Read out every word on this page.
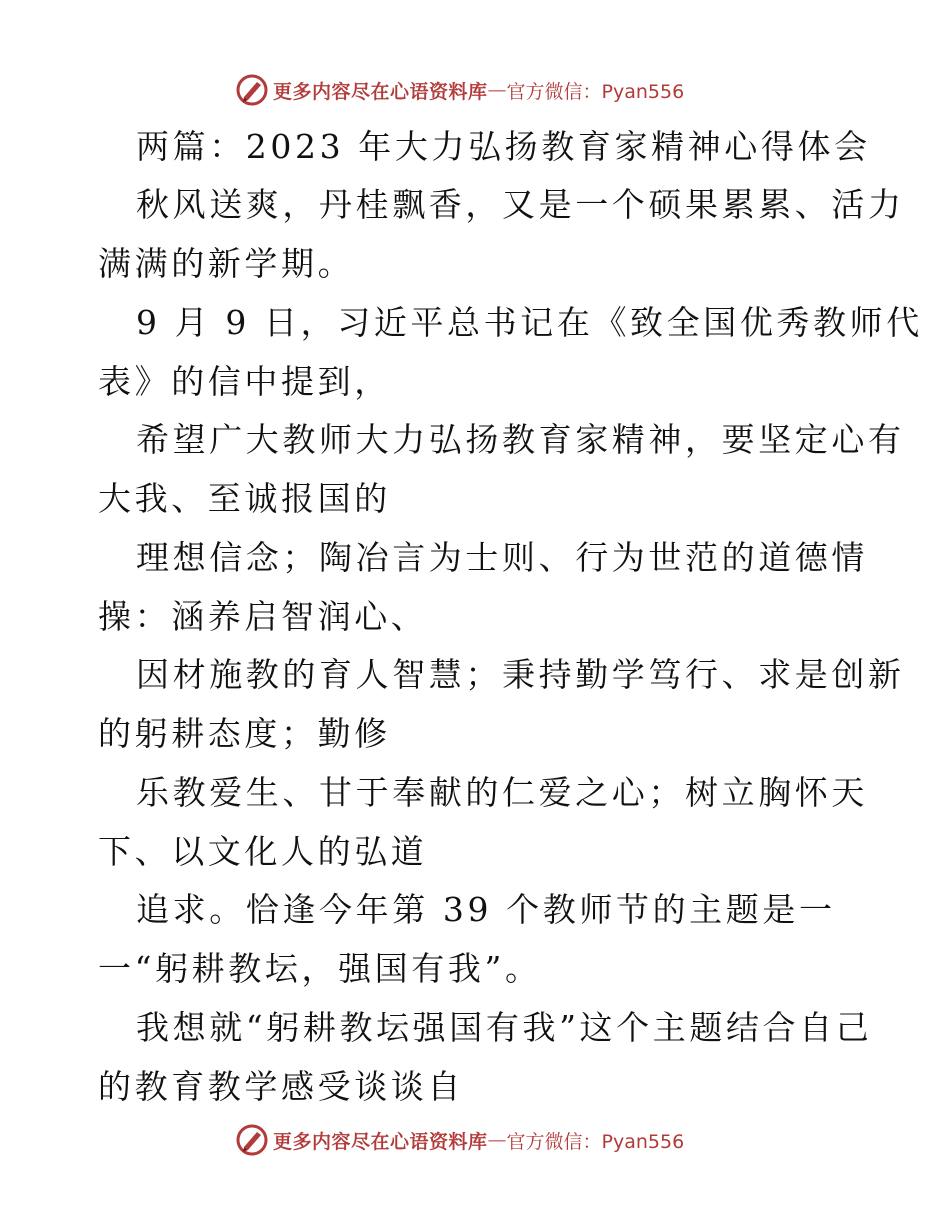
更多内容尽在心语资料库 — 官方微信：Pyan556
两篇：2023 年大力弘扬教育家精神心得体会
秋风送爽，丹桂飘香，又是一个硕果累累、活力
满满的新学期。
9 月 9 日，习近平总书记在《致全国优秀教师代
表》的信中提到，
希望广大教师大力弘扬教育家精神，要坚定心有
大我、至诚报国的
理想信念；陶冶言为士则、行为世范的道德情
操：涵养启智润心、
因材施教的育人智慧；秉持勤学笃行、求是创新
的躬耕态度；勤修
乐教爱生、甘于奉献的仁爱之心；树立胸怀天
下、以文化人的弘道
追求。恰逢今年第 39 个教师节的主题是一
一“躬耕教坛，强国有我”。
我想就“躬耕教坛强国有我”这个主题结合自己
的教育教学感受谈谈自
更多内容尽在心语资料库 — 官方微信：Pyan556
